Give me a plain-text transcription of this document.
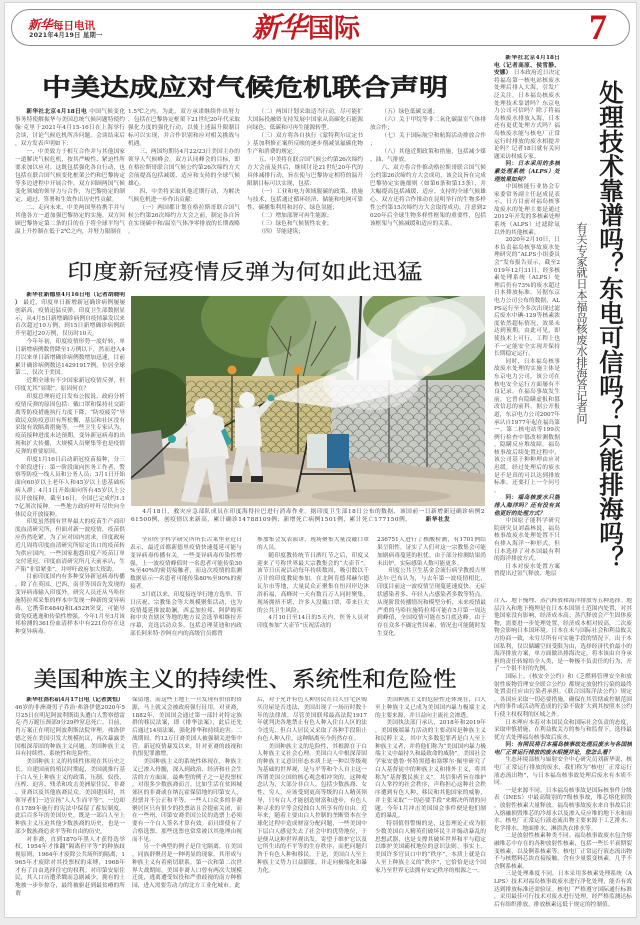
新华每日电讯
2021年4月19日 星期一	新华国际	7
中美达成应对气候危机联合声明

新华社北京4月18日电 中国气候变化事务特使解振华与美国总统气候问题特使约翰·克里于2021年4月15-16日在上海举行会谈，讨论气候危机所涉问题。会谈结束后，双方发表声明如下：

一、中美致力于相互合作并与其他国家一道解决气候危机，按其严峻性、紧迫性所要求加以应对。这既包括强化各自行动，也包括在联合国气候变化框架公约和巴黎协定等多边进程中开展合作。双方回顾两国气候变化领域的领导力与合作，为巴黎协定的制定、通过、签署和生效作出历史性贡献。

二、走向未来，中美两国坚持携手并与其他各方一道加强巴黎协定的实施。双方回顾巴黎协定第二条的目的在于将全球平均气温上升控制在低于2℃之内，并努力限制在

1.5℃之内。为此，双方承诺继续作出努力，包括在巴黎协定框架下21世纪20年代采取强化力度的强化行动，以使上述温升限制目标可以实现，并合作识别和应对相关挑战与机遇。

三、两国均期待4月22/23日美国主办的领导人气候峰会。双方认同峰会的目标，即在格拉斯哥联合国气候公约第26次缔约方大会前提高包括减缓、适应和支持的全球气候雄心。

四、中美将采取其他近期行动，为解决气候危机进一步作出贡献：

（一）两国都计划在格拉斯哥联合国气候公约第26次缔约方大会之前，制定各自旨在实现碳中和/温室气体净零排放的长期战略。

（二）两国计划采取适当行动，尽可能扩大国际投融资支持发展中国家从高碳化石能源向绿色、低碳和可再生能源转型。

（三）双方将各自执行《蒙特利尔议定书》基加利修正案所反映的逐步削减氢氟碳化物生产和消费的规定。

五、中美将在联合国气候公约第26次缔约方大会前及其后，继续讨论21世纪20年代的具体减排行动，旨在使与巴黎协定相符的温升限制目标可以实现，包括：

（一）工业和电力领域脱碳的政策、措施与技术，包括通过循环经济、储能和电网可靠性、碳捕集利用和封存、绿色氢能；

（二）增加部署可再生能源；

（三）绿色和气候韧性农业；

（四）节能建筑；

（五）绿色低碳交通；

（六）关于甲烷等非二氧化碳温室气体排放合作；

（七）关于国际航空和航海活动排放合作；

（八）其他近期政策和措施，包括减少煤、油、气排放。

六、双方将合作推动格拉斯哥联合国气候公约第26次缔约方大会成功，该会议旨在完成巴黎协定实施细则（如第6条和第13条），并大幅提高包括减缓、适应、支持的全球气候雄心。双方还将合作推动在昆明举行的生物多样性公约第15次缔约方大会取得成功，注意到2020年后全球生物多样性框架的重要性，包括该框架与气候减缓和适应的关系。

印度新冠疫情反弹为何如此迅猛

新华社新德里4月16日电（记者胡晓明） 最近，印度单日新增新冠确诊病例屡屡创新高，疫情迅猛反弹。印度卫生部数据显示，从4月5日新增确诊病例自疫情暴发以来首次超过10万例，到15日新增确诊病例跃升至超过20万例，仅历时10天。

今年年初，印度疫情形势一度好转，单日新增病例数曾降至1万例以下，然而进入4月以来单日新增确诊病例数增加迅速，目前累计确诊病例数达14291917例，位居全球第二，仅次于美国。

近期全球有不少国家新冠疫情反弹，但印度尤其“显眼”，原因何在？

印度总理府近日发布公报说，政府分析疫情反弹的原因包括：戴口罩和保持社交距离等防疫措施执行力度下降，“防疫疲劳”导致民众防疫意识有所松懈，基层和社区没有采取有效隔离措施等。一些卫生专家认为，疫苗接种进度未达预期，变异新冠病毒的出现和扩大传播，大规模人员聚集等也是疫情反弹的重要原因。

印度1月16日启动新冠疫苗接种，分三个阶段进行：第一阶段面向医务工作者、警察等防疫一线人员和公务人员；3月1日开始面向60岁以上老年人和45岁以上患基础疾病人群；4月1日开始面向所有45岁以上公民开放接种。截至16日，全国已完成约1.17亿剂次接种。一些地方政府呼吁尽快向全体民众开放接种。

印度虽然拥有世界最大的疫苗生产商印度血清研究所，但面对新一波疫情，疫苗供应仍然吃紧。为了应对国内需求，印度政府近几周将印度血清研究所原定出口的疫苗转为供应国内。一些国家抱怨印度产疫苗订单交付延迟。印度血清研究所几天前承认，生产陷“非常紧张”，并呼吁政府加大资助。

目前印度国内有多种变异新冠病毒传播。除了在英国、巴西、南非等国首先发现的变异病毒输入印度外，研究人员还从马哈拉施特拉邦采集的样本中发现一种新的变异病毒，它携带E484Q和L452R突变，可能导致免疫逃逸和传染性增强。今年1月至3月该邦检测的361份血清样本中有221份存在这种变异病毒。

4月18日，救灾应急部队成员在印度海得拉巴进行消毒作业。据印度卫生部18日公布的数据，该国前一日新增新冠确诊病例261500例，创疫情以来新高，累计确诊14788109例；新增死亡病例1501例，累计死亡177150例。	新华社发

全印医学科学研究所所长古莱里亚近日表示，最近首都新德里疫情快速蔓延可能与变异病毒传播有关。一些变异病毒传染性增强，上一波疫情峰值时一名患者可能传染30%至40%的密切接触者，而这次疫情的监测数据显示一名患者可能传染80%至90%的密接者。

3月底以来，印度接连举行地方选举、节日庆祝、宗教集会等大规模聚集活动，也为疫情蔓延推波助澜。西孟加拉邦、阿萨姆邦和中央直辖区等地的地方议会选举相继拉开序幕，竞选活动众多，包括总理莫迪和内政部长阿米特·沙阿在内的高级官员都曾

参加集会发表演讲，现场聚集大量没戴口罩的人员。

随印度教传统节日洒红节之后，印度又迎来了号称世界最大宗教集会的“大壶节”。该节日庆祝活动每年持续数周，吸引数以千万计的印度教徒参加。在北阿肯德邦赫尔德瓦尔市等地，大量民众正聚集在恒河岸边沐浴祈福，高峰时一天有数百万人同时聚集，现场拥挤不堪，许多人没戴口罩，带来巨大的公共卫生风险。

4月10日至14日的5天内，医务人员对印度参加“大壶节”庆祝活动的

236751人进行了核酸检测，有1701例结果呈阳性，证实了人们对这一宗教集会可能加剧病毒蔓延的担忧。由于部分检测结果尚未出炉，实际感染人数可能更多。

印度公共卫生基金会流行病学教授吉里达尔·巴布认为，与去年第一波疫情相比，印度目前这一波疫情呈现蔓延速度快、无症状感染者多、年轻人占感染者多数等特点。从现阶段传播情况和模型分析，未来疫情最严重的马哈拉施特拉邦可能在5月第一周达到峰值，全国疫情可能在5月底达峰。由于存在众多不确定性因素，情况也可能随时发生变化。

美国种族主义的持续性、系统性和危险性

新华社洛杉矶4月17日电（记者黄恒）46岁的非洲裔男子乔治·弗洛伊德2020年5月25日在明尼阿波利斯街头遭白人警察德雷克·肖万跪压颈部9分29秒窒息死亡。目前，肖万案正在明尼阿波利斯法院审理。弗洛伊德之死在美国引发大规模抗议，再次暴露美国根深蒂固的种族主义问题。美国种族主义具有持续性、系统性和危险性。

美国种族主义的持续性体现在其历史之长。自建国前的殖民时期起，美国就推行基于白人至上种族主义的政策，压制、奴役、压榨、迫害、残杀和攻击美洲原住民、非裔、亚裔以及其他族裔民众。美国建国时，其领导者们一边宣扬“人人生而平等”，一边却在1789年施行的宪法中保留了蓄奴制度。此后百多年的美国历史，既是一部白人至上种族主义压迫其他少数族裔的历史，也是一部少数族裔追求平等和自由的历史。

对非裔，直到1870年黑人才获得选举权，1954年才推翻“隔离但平等”的种族歧视原则，1964年才废除公共场所的隔离，1965年才废除对其投票权的束缚，1968年才有了自由选择住宅的权利。对印第安原住民，其人口历遭杀戮而急剧减少，拥有的土地被一步步掠夺，最终被驱赶到最贫瘠的所谓

保留地，而这些土地上一旦发现有价值的资源，马上就又会被政府强行征用。对亚裔，1882年，美国国会通过第一部针对特定族群的移民法案，即《排华法案》，此后还先后通过14项法案，强化排华和持续迫害。二战期间，约12万日裔美国人被强制关进集中营。新冠疫情暴发以来，针对亚裔的歧视和仇恨犯罪激增。

美国种族主义的系统性体现在，种族主义已渗入骨髓，深入到政治、经济和社会生活的方方面面。最典型的例子之一是投票权。对很多少数族裔而言，比如生活在贫困城郊区的非裔或在纳瓦霍保留地的印第安人，投票并不公正和平等。一些人口众多的非裔聚居区只有很少的投票站且会提前关闭，而在一些州，印第安裔美国公民的选票上必须要有一个白人签名才算有效。而且即使有了合格选票，那些选票也常常被以其他理由视而不见。

另一个典型的例子是住宅隔离。在美国，同族群聚居是一种明显的现象，其形成与种族主义有着密切联系。第一次和第二次世界大战期间，美国非裔人口曾有两次大规模迁徙，逃离遭受奴役和严重歧视的南方种植园，进入需要劳动力的北方工业化城市。此

后，对于允许有色人种居民在白人住宅区购买房屋是否违法，美国出现了一场历时数十年的法律战。尽管美国联邦最高法院1917年就判决各地禁止有色人种入住白人区的法令违宪，但白人居民又采取了各种手段阻止有色人种入住，这种隔离至今仍然存在。

美国种族主义的危险性，其根源在于白人种族主义社会心理。美国白人中根深蒂固的种族主义意识形态本质上是一种以等级观为基础的世界观，是与平等和个人自主这一所谓美国立国的核心观念相冲突的。这种观念认为，大部分非白人，包括少数族裔、女性、穷人，应该受到更高等级的白人精英领导，只有白人才能创造财富和进步，有色人种寻求的平等会侵蚀白人所享有的自由。近年来，随着主要由白人控制的垄断资本在全球化过程中造成财富分配问题，一些美国中下层白人感觉失去了社会中的优势地位，于是便从这种世界观出发，寄望于维护它以及它所生出的不平等的生存秩序，而把问题归咎于有色人种和移民。于是，美国白人至上种族主义势力日益膨胀，并走向极端化和暴力化。

美国种族主义的危险性还体现在，白人至上种族主义已成为美国国内暴力极端主义的主要来源，并日益向主流社会渗透。

美国执法部门承认，2018年和2019年，美国极端暴力活动的主要动因是种族主义和民粹主义，其中大多数犯罪者是白人至上种族主义者，并将他们称为“美国国内暴力极端主义中最持久和最致命的威胁”。美国社会学家安德鲁·怀特黑德和塞缪尔·佩里研究了白人基督徒中的种族主义和排外主义，将其称为“基督教民族主义”。其信仰者旨在维护白人掌控的社会秩序，声称担心这种社会秩序遭到有色人种、移民和其他国家的威胁，并主张采取“一切必要手段”来解决所谓的问题。今年1月冲击美国国会事件便是他们制造的暴乱。

特别值得警惕的是，这套理论正成为很少数美国白人精英们破坏民主并煽动暴乱的思想武器，也是支撑其破坏世界和平与稳定以维护美国霸权地位的意识法则。事实上，美国许多官员口中的“秩序”，本质上就是白人至上种族主义的“秩序”，它恰恰是这个国家乃至世界无法拥有安定秩序的根源之一。

新华社北京4月18日电（记者高原、侯雪静、安娜） 日本政府近日决定将福岛第一核电站核废水处理后排入大海，引发广泛关注。日本福岛核废水处理技术靠谱吗？东京电力公司可信吗？除了将福岛核废水排放入海，日本还有更优处理方式吗？福岛核废水能与核电厂正常运行时排放的废水相提并论吗？记者18日就有关问题采访权威专家。

问：日本采用的多核素处理系统（ALPS）处理效果如何？

中国核能行业协会专家委常务副主任赵成昆表示，日方目前对福岛核事故废水的处理主要是通过2012年开发的多核素处理系统（ALPS）过滤除氚以外的其他核素。

2020年2月10日，日本负责福岛核事故废水处理研究的“ALPS小组委员会”发布报告显示，截至2019年12月31日，经多核素处理系统（ALPS）处理后仍有73%的废水超过日本排放标准。另据东京电力公司公布的数据，ALPS运行至今多次出现过滤后废水中碘-129等核素浓度依然超标情况，效果未达到预期。由此可见，即使技术上可行，工程上也不一定能安全实现并保持长期稳定运行。

同时，日本福岛核事故废水处理的实施主体是东京电力公司，该公司在核电安全运行方面屡有不良记录。在福岛事故发生前，它曾有隐瞒虚报和篡改信息的前科。据公开报道，东京电力公司2007年承认自1977年起在福岛第一、第二核电站等199次例行检查中篡改检测数据，隐瞒反应堆故障。福岛核事故后续处置过程中，该公司基于种种理由应对迟缓，经过处理后的废水是不是真的可以达到排放标准，还要打上一个问号。

问：福岛核废水只能排入海洋吗？还有没有其他更好的处理方式？

中国原子能科学研究院研究员刘森林说，福岛核事故废水处理处置不只有排入海洋一种形式，但日本选择了对本国最有利的海洋排放方式。

日本对废水处置方案曾提出过氢气释放、地层

有关专家就日本福岛核废水排海答记者问 处理技术靠谱吗？东电可信吗？只能排海吗？

注入、地下掩埋、蒸汽释放和海洋排放等五种选择。地层注入和地下掩埋是在日本本国领土范围内处置，对其他国家没有影响，经济成本高；蒸汽释放会产生固体废物，需要进一步处理处置，经济成本相对较高，二次废物会影响日本国环境。日本在未与国际社会和利益攸关方协商一致，未穷尽所有可实施手段的情况下，出于本国私利，仅以储罐空间受限为由，选择经济代价最小的海洋排放方案，单方面做出排海决定，将本该由自身承担的责任转嫁给全人类，是一种极不负责任的行为，开了一个很不好的先例。

国际上，《核安全公约》和《乏燃料管理安全和放射性废物管理安全联合公约》都规定放射性污染的最终处置责任应由污染者承担。《联合国海洋法公约》规定，各国应采取一切必要措施，确保在其管辖或控制范围内的事件或活动所造成的污染不致扩大到其按照本公约行使主权权利的区域之外。

日本理应本着对本国民众和国际社会负责的态度，采取审慎措施，在利益攸关方的参与和监督下，选择最优方式处理福岛核事故后废水。

问：有网民将日本福岛核事故处理后废水与各国核电厂正常运行排放的废水相提并论，您怎么看？

生态环境部核与辐射安全中心研究员刘新华说，核电厂正常运行排放的废水，我们称为“核电厂正常运行液态流出物”，与日本福岛核事故处理后废水有本质不同。

一是来源不同。日本福岛核事故是国际核事件分级表（INES）中最高级别的7级核事故，堆芯熔化损毁，放射性核素大量释放。福岛核事故废水来自事故后注入熔融损毁堆芯的冷却水以及渗入反应堆的地下水和雨水。核电厂正常运行液态流出物主要来源于工艺排水、化学排水、地面排水、淋浴洗衣排水等。

二是放射性核素种类不同。福岛核事故废水包含熔融堆芯中存在的各种放射性核素，包括一些长半衰期裂变核素，以及锕系核素等。核电厂正常运行液态流出物不与核燃料芯块直接接触，含有少量裂变核素，几乎不含锕系核素。

三是处理难度不同。日本采用多核素处理系统（ALPS）技术对福岛核事故废水进行净化处理，能否有效达到排放标准还需验证。核电厂严格遵守国际通行标准，采用最佳可行技术对废水进行处理，经严格监测达标后有组织排放，排放核素远低于规定的控制值。
